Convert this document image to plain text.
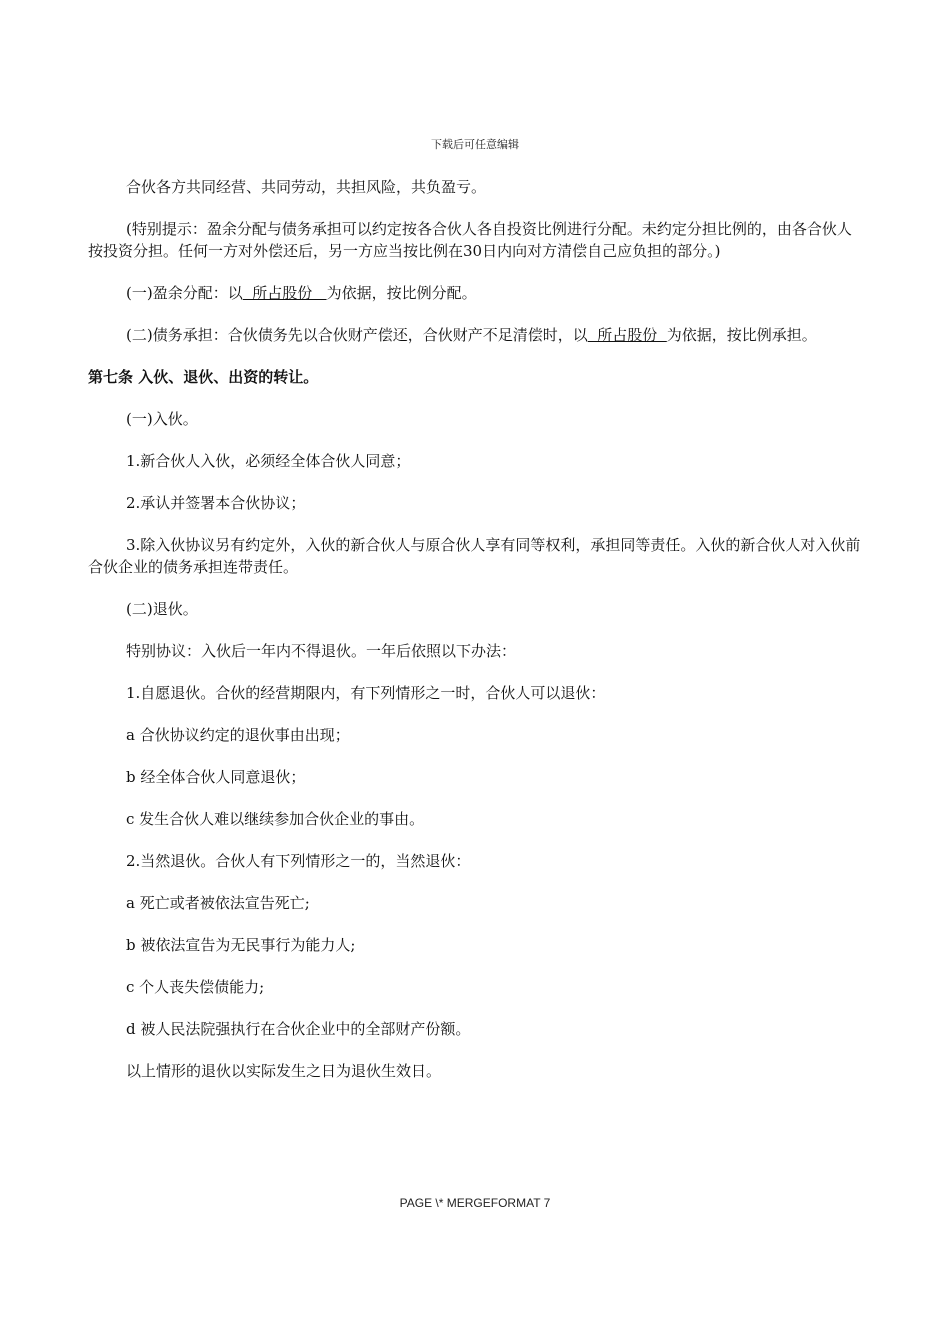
下载后可任意编辑

合伙各方共同经营、共同劳动，共担风险，共负盈亏。

(特别提示：盈余分配与债务承担可以约定按各合伙人各自投资比例进行分配。未约定分担比例的，由各合伙人按投资分担。任何一方对外偿还后，另一方应当按比例在30日内向对方清偿自己应负担的部分。)

(一)盈余分配：以  所占股份   为依据，按比例分配。

(二)债务承担：合伙债务先以合伙财产偿还，合伙财产不足清偿时，以  所占股份  为依据，按比例承担。

第七条 入伙、退伙、出资的转让。

(一)入伙。

1.新合伙人入伙，必须经全体合伙人同意；

2.承认并签署本合伙协议；

3.除入伙协议另有约定外，入伙的新合伙人与原合伙人享有同等权利，承担同等责任。入伙的新合伙人对入伙前合伙企业的债务承担连带责任。

(二)退伙。

特别协议：入伙后一年内不得退伙。一年后依照以下办法：

1.自愿退伙。合伙的经营期限内，有下列情形之一时，合伙人可以退伙：

a 合伙协议约定的退伙事由出现；

b 经全体合伙人同意退伙；

c 发生合伙人难以继续参加合伙企业的事由。

2.当然退伙。合伙人有下列情形之一的，当然退伙：

a 死亡或者被依法宣告死亡;

b 被依法宣告为无民事行为能力人;

c 个人丧失偿债能力;

d 被人民法院强执行在合伙企业中的全部财产份额。

以上情形的退伙以实际发生之日为退伙生效日。

PAGE \* MERGEFORMAT 7
